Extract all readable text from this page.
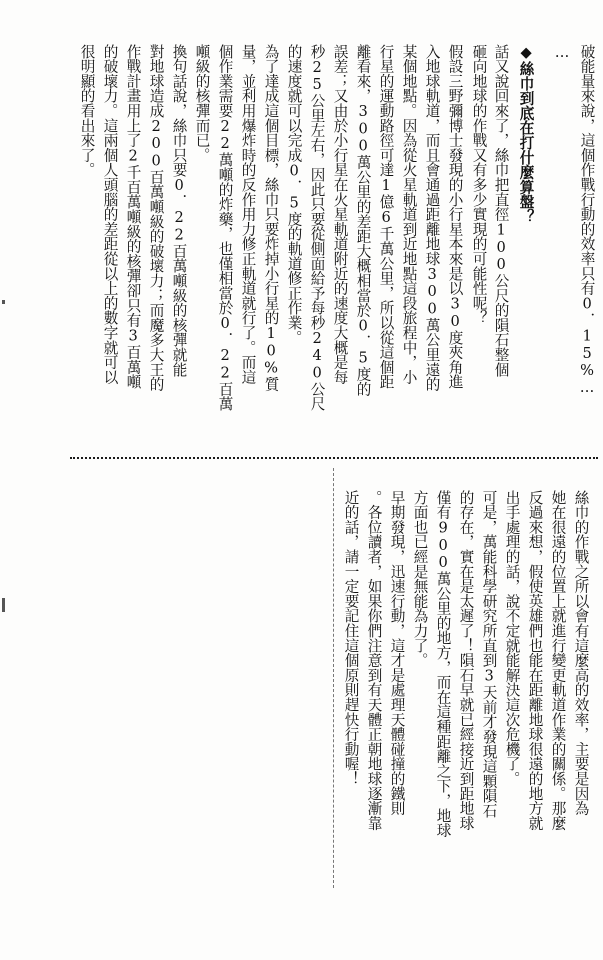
破能量來說，這個作戰行動的效率只有0．15%…
…
◆絲巾到底在打什麼算盤？
話又說回來了，絲巾把直徑100公尺的隕石整個
砸向地球的作戰又有多少實現的可能性呢？
假設三野彌博士發現的小行星本來是以30度夾角進
入地球軌道，而且會通過距離地球300萬公里遠的
某個地點。因為從火星軌道到近地點這段旅程中，小
行星的運動路徑可達1億6千萬公里，所以從這個距
離看來，300萬公里的差距大概相當於0．5度的
誤差；又由於小行星在火星軌道附近的速度大概是每
秒25公里左右，因此只要從側面給予每秒240公尺
的速度就可以完成0．5度的軌道修正作業。
為了達成這個目標，絲巾只要炸掉小行星的10%質
量，並利用爆炸時的反作用力修正軌道就行了。而這
個作業需要22萬噸的炸藥，也僅相當於0．22百萬
噸級的核彈而已。
換句話說，絲巾只要0．22百萬噸級的核彈就能
對地球造成200百萬噸級的破壞力；而魔多大王的
作戰計畫用上了2千百萬噸級的核彈卻只有3百萬噸
的破壞力。這兩個人頭腦的差距從以上的數字就可以
很明顯的看出來了。
絲巾的作戰之所以會有這麼高的效率，主要是因為
她在很遠的位置上就進行變更軌道作業的關係。那麼
反過來想，假使英雄們也能在距離地球很遠的地方就
出手處理的話，說不定就能解決這次危機了。
可是，萬能科學研究所直到3天前才發現這顆隕石
的存在，實在是太遲了！隕石早就已經接近到距地球
僅有900萬公里的地方，而在這種距離之下，地球
方面也已經是無能為力了。
早期發現，迅速行動，這才是處理天體碰撞的鐵則
。各位讀者，如果你們注意到有天體正朝地球逐漸靠
近的話，請一定要記住這個原則趕快行動喔！
